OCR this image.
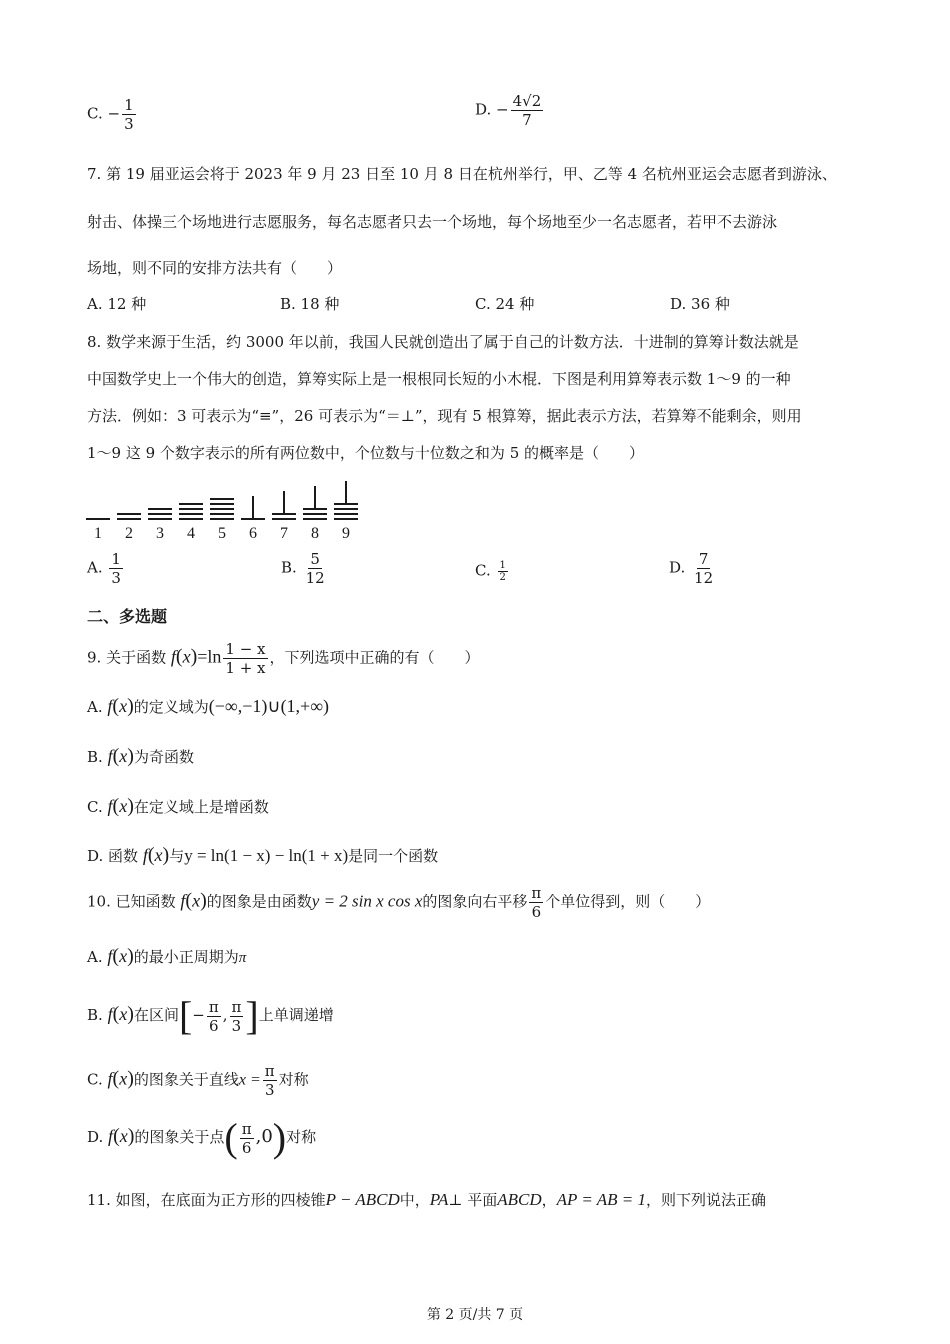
C. − $\frac{1}{3}$	D. − $\frac{4√2}{7}$
7. 第 19 届亚运会将于 2023 年 9 月 23 日至 10 月 8 日在杭州举行，甲、乙等 4 名杭州亚运会志愿者到游泳、
射击、体操三个场地进行志愿服务，每名志愿者只去一个场地，每个场地至少一名志愿者，若甲不去游泳
场地，则不同的安排方法共有（　　）
A. 12 种	B. 18 种	C. 24 种	D. 36 种
8. 数学来源于生活，约 3000 年以前，我国人民就创造出了属于自己的计数方法．十进制的算筹计数法就是
中国数学史上一个伟大的创造，算筹实际上是一根根同长短的小木棍．下图是利用算筹表示数 1～9 的一种
方法．例如：3 可表示为“≡”，26 可表示为“＝⊥”，现有 5 根算筹，据此表示方法，若算筹不能剩余，则用
1～9 这 9 个数字表示的所有两位数中，个位数与十位数之和为 5 的概率是（　　）
1	2	3	4	5	6	7	8	9
A. $\frac{1}{3}$	B. $\frac{5}{12}$	C. $\frac{1}{2}$	D. $\frac{7}{12}$
二、多选题
9. 关于函数 $f(x)=\ln \frac{1 - x}{1 + x}$ ，下列选项中正确的有（　　）
A. f(x)的定义域为(−∞,−1)∪(1,+∞)
B. f(x)为奇函数
C. f(x)在定义域上是增函数
D. 函数 f(x)与y = ln(1 − x) − ln(1 + x)是同一个函数
10. 已知函数 f(x)的图象是由函数y = 2 sin x cos x的图象向右平移 $\frac{\pi}{6}$ 个单位得到，则（　　）
A. f(x)的最小正周期为π
B. f(x)在区间[− $\frac{\pi}{6}$ , $\frac{\pi}{3}$ ]上单调递增
C. f(x)的图象关于直线$x = \frac{\pi}{3}$ 对称
D. f(x)的图象关于点( $\frac{\pi}{6} ,0$)对称
11. 如图，在底面为正方形的四棱锥P − ABCD中，PA⊥ 平面ABCD，AP = AB = 1，则下列说法正确
第 2 页/共 7 页
